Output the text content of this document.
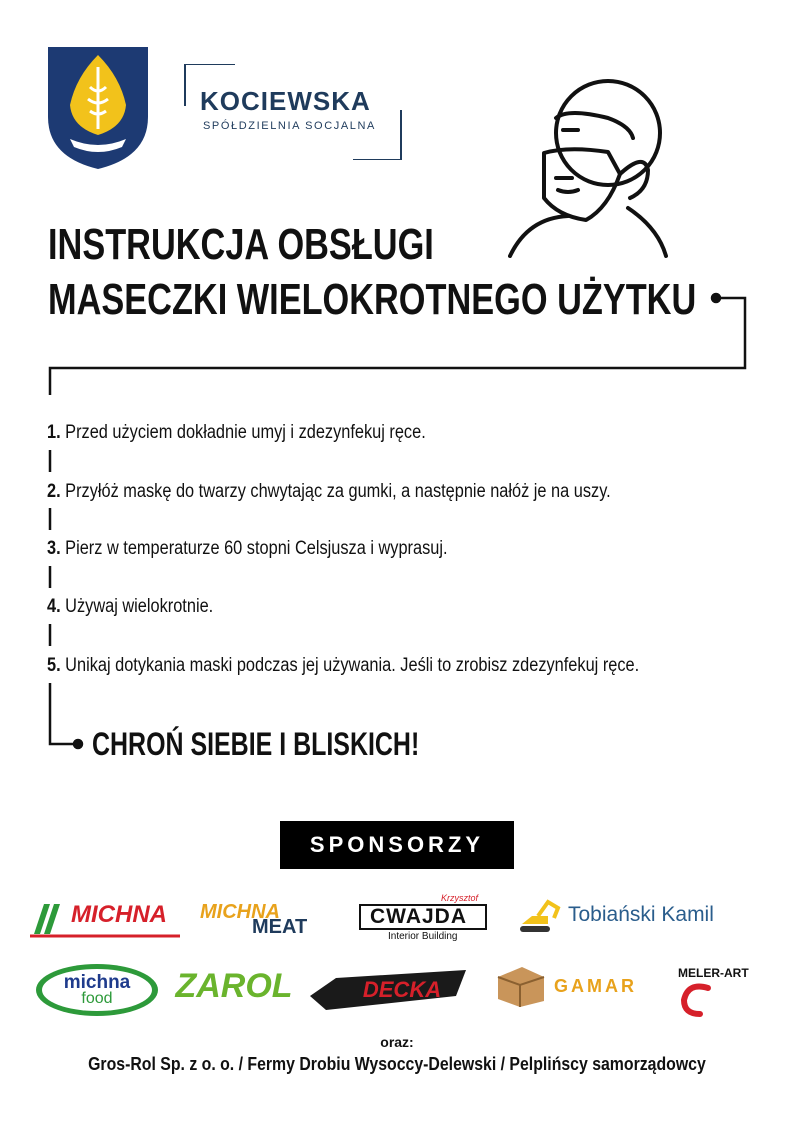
KOCIEWSKA
SPÓŁDZIELNIA SOCJALNA
INSTRUKCJA OBSŁUGI
MASECZKI WIELOKROTNEGO UŻYTKU
1. Przed użyciem dokładnie umyj i zdezynfekuj ręce.
2. Przyłóż maskę do twarzy chwytając za gumki, a następnie nałóż je na uszy.
3. Pierz w temperaturze 60 stopni Celsjusza i wyprasuj.
4. Używaj wielokrotnie.
5. Unikaj dotykania maski podczas jej używania. Jeśli to zrobisz zdezynfekuj ręce.
CHROŃ SIEBIE I BLISKICH!
SPONSORZY
MICHNA MICHNA
MEAT
Krzysztof
CWAJDA
Interior Building
Tobiański Kamil
michna
food ZAROL	DECKA	GAMAR
MELER-ART
oraz:
Gros-Rol Sp. z o. o. / Fermy Drobiu Wysoccy-Delewski / Pelplińscy samorządowcy
